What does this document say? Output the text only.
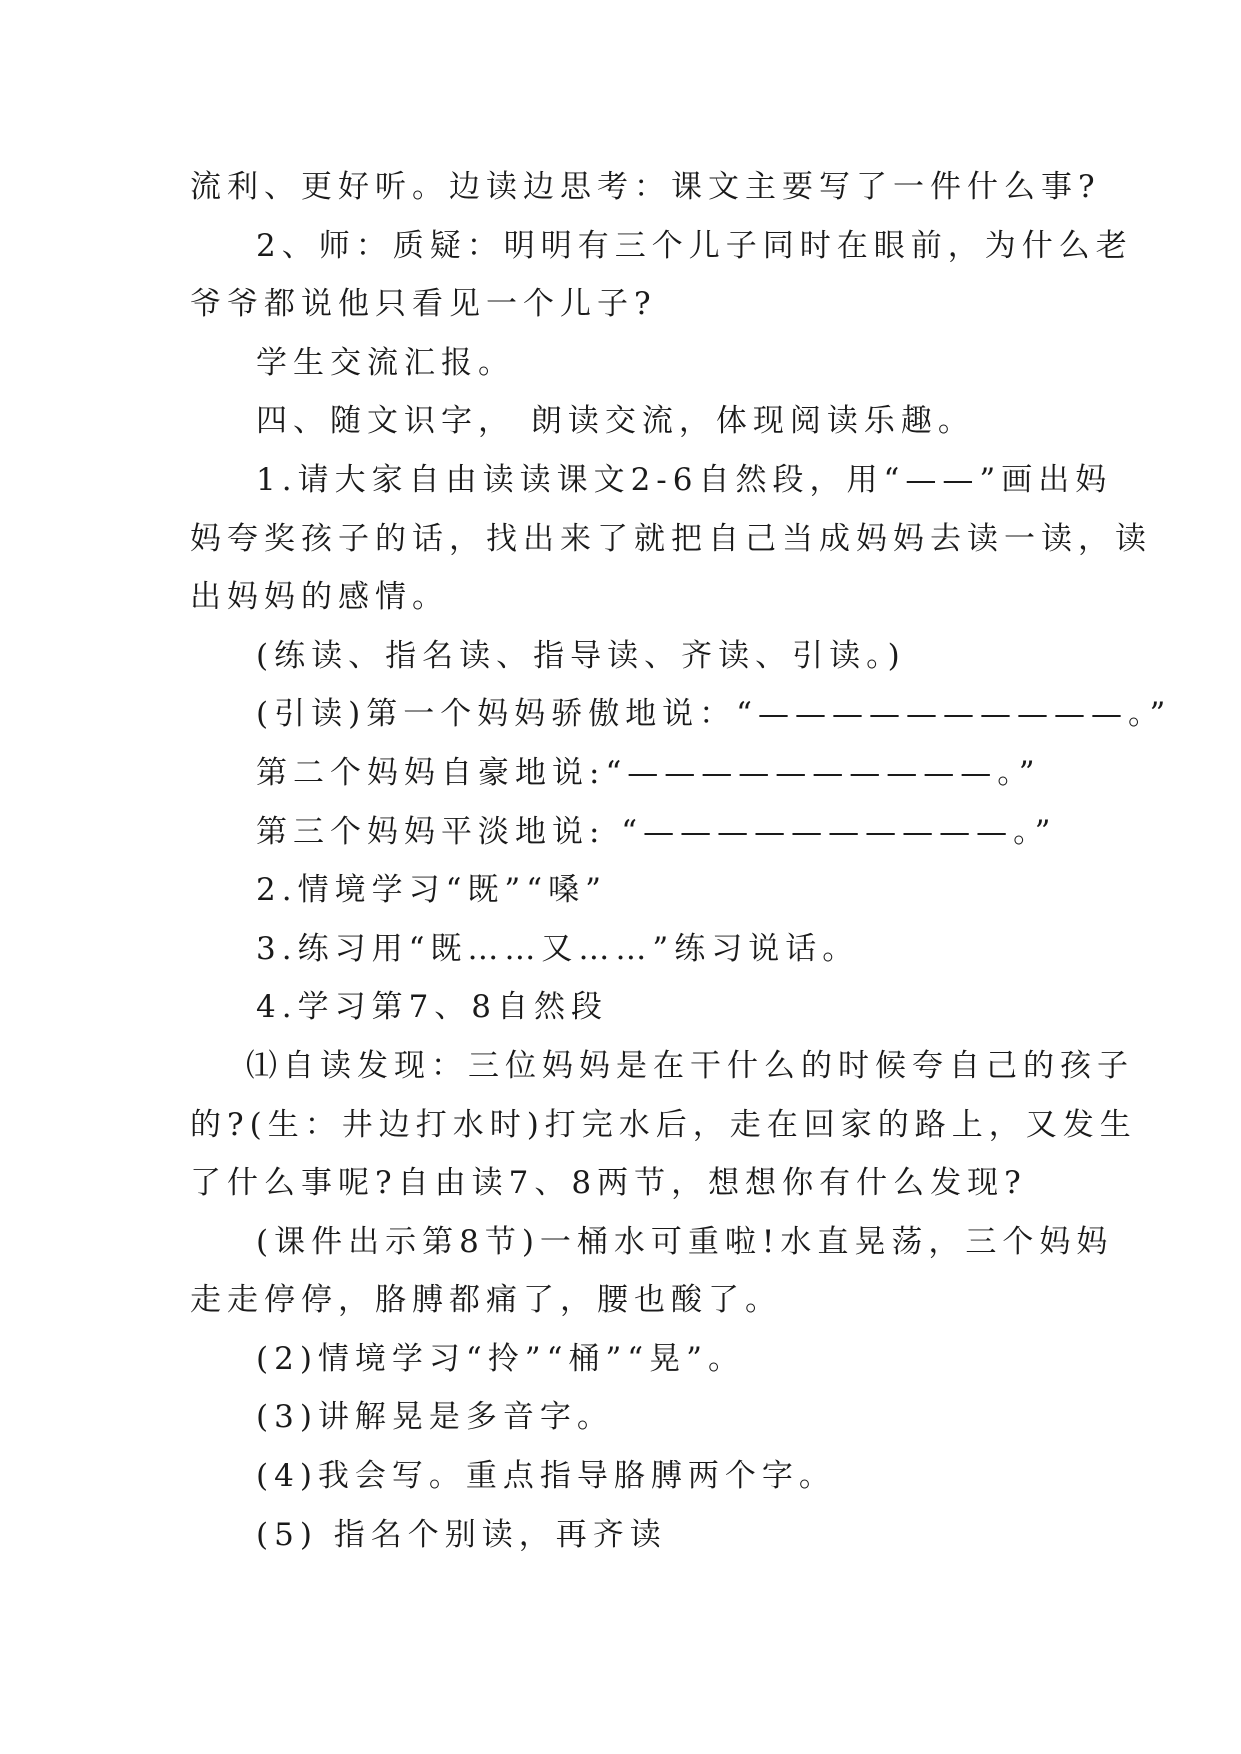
流利、更好听。边读边思考：课文主要写了一件什么事?
2、师：质疑：明明有三个儿子同时在眼前，为什么老
爷爷都说他只看见一个儿子?
学生交流汇报。
四、随文识字， 朗读交流，体现阅读乐趣。
1.请大家自由读读课文2-6自然段，用“——”画出妈
妈夸奖孩子的话，找出来了就把自己当成妈妈去读一读，读
出妈妈的感情。
(练读、指名读、指导读、齐读、引读。)
(引读)第一个妈妈骄傲地说：“——————————。”
第二个妈妈自豪地说:“——————————。”
第三个妈妈平淡地说: “——————————。”
2.情境学习“既”“嗓”
3.练习用“既……又……”练习说话。
4.学习第7、8自然段
⑴自读发现：三位妈妈是在干什么的时候夸自己的孩子
的?(生：井边打水时)打完水后，走在回家的路上，又发生
了什么事呢?自由读7、8两节，想想你有什么发现?
(课件出示第8节)一桶水可重啦!水直晃荡，三个妈妈
走走停停，胳膊都痛了，腰也酸了。
(2)情境学习“拎”“桶”“晃”。
(3)讲解晃是多音字。
(4)我会写。重点指导胳膊两个字。
(5) 指名个别读，再齐读
